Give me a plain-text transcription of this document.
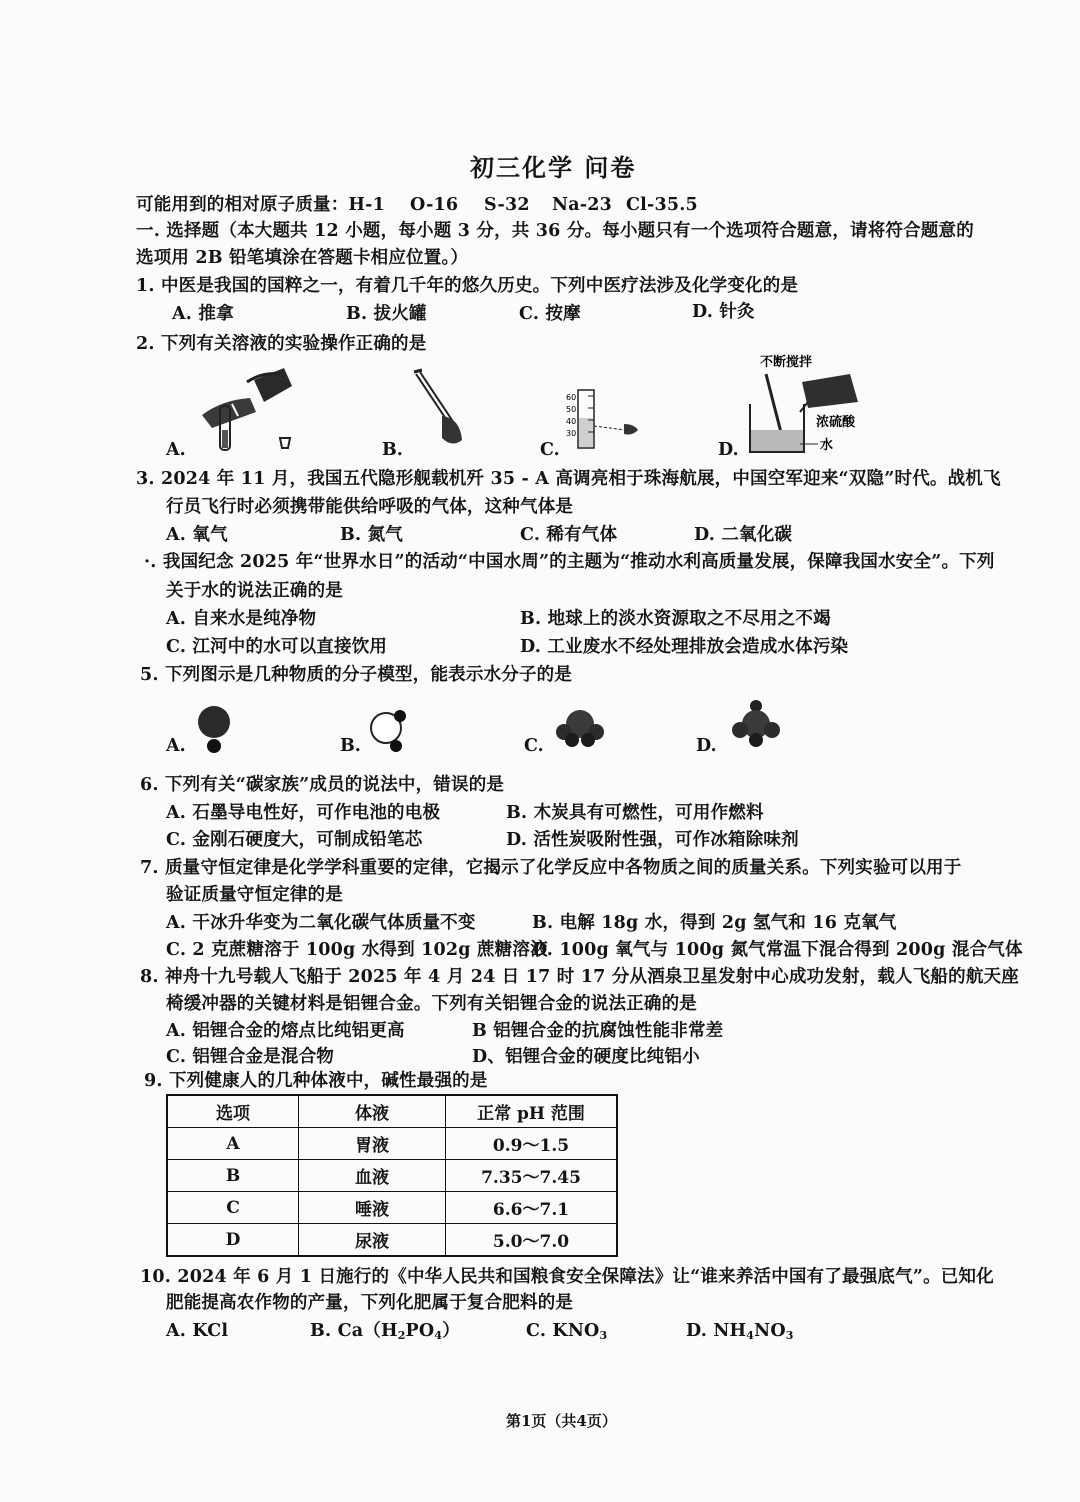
初三化学 问卷
可能用到的相对原子质量：H-1 O-16 S-32 Na-23 Cl-35.5
一. 选择题（本大题共 12 小题，每小题 3 分，共 36 分。每小题只有一个选项符合题意，请将符合题意的
选项用 2B 铅笔填涂在答题卡相应位置。）
1. 中医是我国的国粹之一，有着几千年的悠久历史。下列中医疗法涉及化学变化的是
A. 推拿	B. 拔火罐	C. 按摩	D. 针灸
2. 下列有关溶液的实验操作正确的是
A.	B.
60
50
40
30
C.
不断搅拌
浓硫酸
水
D.
3. 2024 年 11 月，我国五代隐形舰载机歼 35 - A 高调亮相于珠海航展，中国空军迎来“双隐”时代。战机飞
行员飞行时必须携带能供给呼吸的气体，这种气体是
A. 氧气	B. 氮气	C. 稀有气体	D. 二氧化碳
·. 我国纪念 2025 年“世界水日”的活动“中国水周”的主题为“推动水利高质量发展，保障我国水安全”。下列
关于水的说法正确的是
A. 自来水是纯净物	B. 地球上的淡水资源取之不尽用之不竭
C. 江河中的水可以直接饮用	D. 工业废水不经处理排放会造成水体污染
5. 下列图示是几种物质的分子模型，能表示水分子的是
A.	B.	C.	D.
6. 下列有关“碳家族”成员的说法中，错误的是
A. 石墨导电性好，可作电池的电极	B. 木炭具有可燃性，可用作燃料
C. 金刚石硬度大，可制成铅笔芯	D. 活性炭吸附性强，可作冰箱除味剂
7. 质量守恒定律是化学学科重要的定律，它揭示了化学反应中各物质之间的质量关系。下列实验可以用于
验证质量守恒定律的是
A. 干冰升华变为二氧化碳气体质量不变	B. 电解 18g 水，得到 2g 氢气和 16 克氧气
C. 2 克蔗糖溶于 100g 水得到 102g 蔗糖溶液
D. 100g 氧气与 100g 氮气常温下混合得到 200g 混合气体
8. 神舟十九号载人飞船于 2025 年 4 月 24 日 17 时 17 分从酒泉卫星发射中心成功发射，载人飞船的航天座
椅缓冲器的关键材料是铝锂合金。下列有关铝锂合金的说法正确的是
A. 铝锂合金的熔点比纯铝更高	B 铝锂合金的抗腐蚀性能非常差
C. 铝锂合金是混合物	D、铝锂合金的硬度比纯铝小
9. 下列健康人的几种体液中，碱性最强的是
选项	体液	正常 pH 范围
A	胃液	0.9～1.5
B	血液	7.35～7.45
C	唾液	6.6～7.1
D	尿液	5.0～7.0
10. 2024 年 6 月 1 日施行的《中华人民共和国粮食安全保障法》让“谁来养活中国有了最强底气”。已知化
肥能提高农作物的产量，下列化肥属于复合肥料的是
A. KCl	B. $Ca(H_2PO_4)$	C. $KNO_3$	D. $NH_4NO_3$
第1页（共4页）
